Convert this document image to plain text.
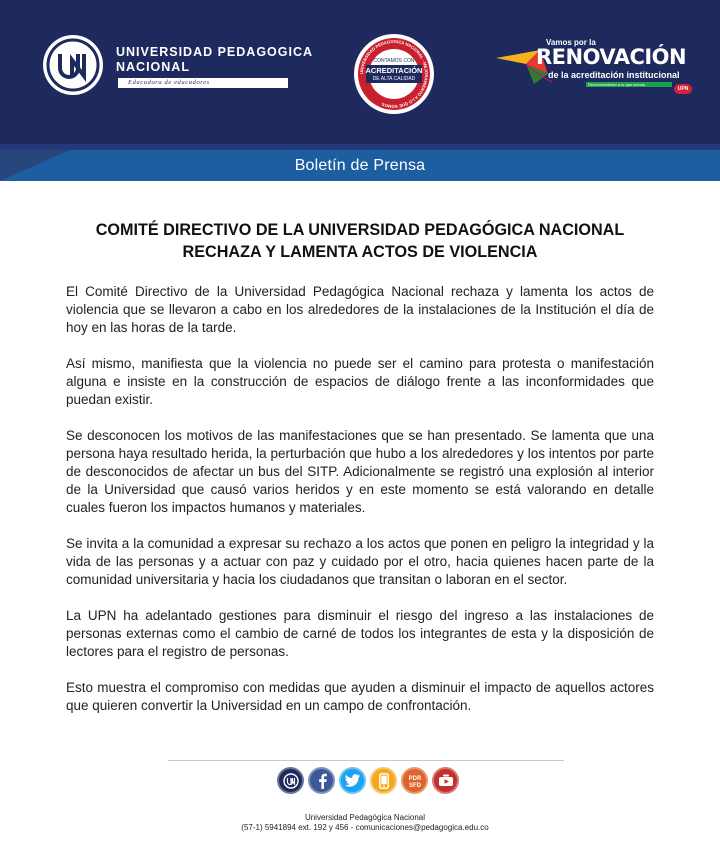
UNIVERSIDAD PEDAGOGICA
NACIONAL
Educadora de educadores
CONTAMOS CON
ACREDITACIÓN
DE ALTA CALIDAD
UNIVERSIDAD PEDAGOGICA NACIONAL · MEJORAMIENTO A LO QUE SOMOS
Vamos por la
RENOVACIÓN
de la acreditación institucional
Reconocimiento a lo que somos
UPN
Boletín de Prensa
COMITÉ DIRECTIVO DE LA UNIVERSIDAD PEDAGÓGICA NACIONAL
RECHAZA Y LAMENTA ACTOS DE VIOLENCIA

El Comité Directivo de la Universidad Pedagógica Nacional rechaza y lamenta los actos de violencia que se llevaron a cabo en los alrededores de la instalaciones de la Institución el día de hoy en las horas de la tarde.

Así mismo, manifiesta que la violencia no puede ser el camino para protesta o manifestación alguna e insiste en la construcción de espacios de diálogo frente a las inconformidades que puedan existir.

Se desconocen los motivos de las manifestaciones que se han presentado. Se lamenta que una persona haya resultado herida, la perturbación que hubo a los alrededores y los intentos por parte de desconocidos de afectar un bus del SITP. Adicionalmente se registró una explosión al interior de la Universidad que causó varios heridos y en este momento se está valorando en detalle cuales fueron los impactos humanos y materiales.

Se invita a la comunidad a expresar su rechazo a los actos que ponen en peligro la integridad y la vida de las personas y a actuar con paz y cuidado por el otro, hacia quienes hacen parte de la comunidad universitaria y hacia los ciudadanos que transitan o laboran en el sector.

La UPN ha adelantado gestiones para disminuir el riesgo del ingreso a las instalaciones de personas externas como el cambio de carné de todos los integrantes de esta y la disposición de lectores para el registro de personas.

Esto muestra el compromiso con medidas que ayuden a disminuir el impacto de aquellos actores que quieren convertir la Universidad en un campo de confrontación.

PDR
SFD
Universidad Pedagógica Nacional
(57-1) 5941894 ext. 192 y 456 - comunicaciones@pedagogica.edu.co
